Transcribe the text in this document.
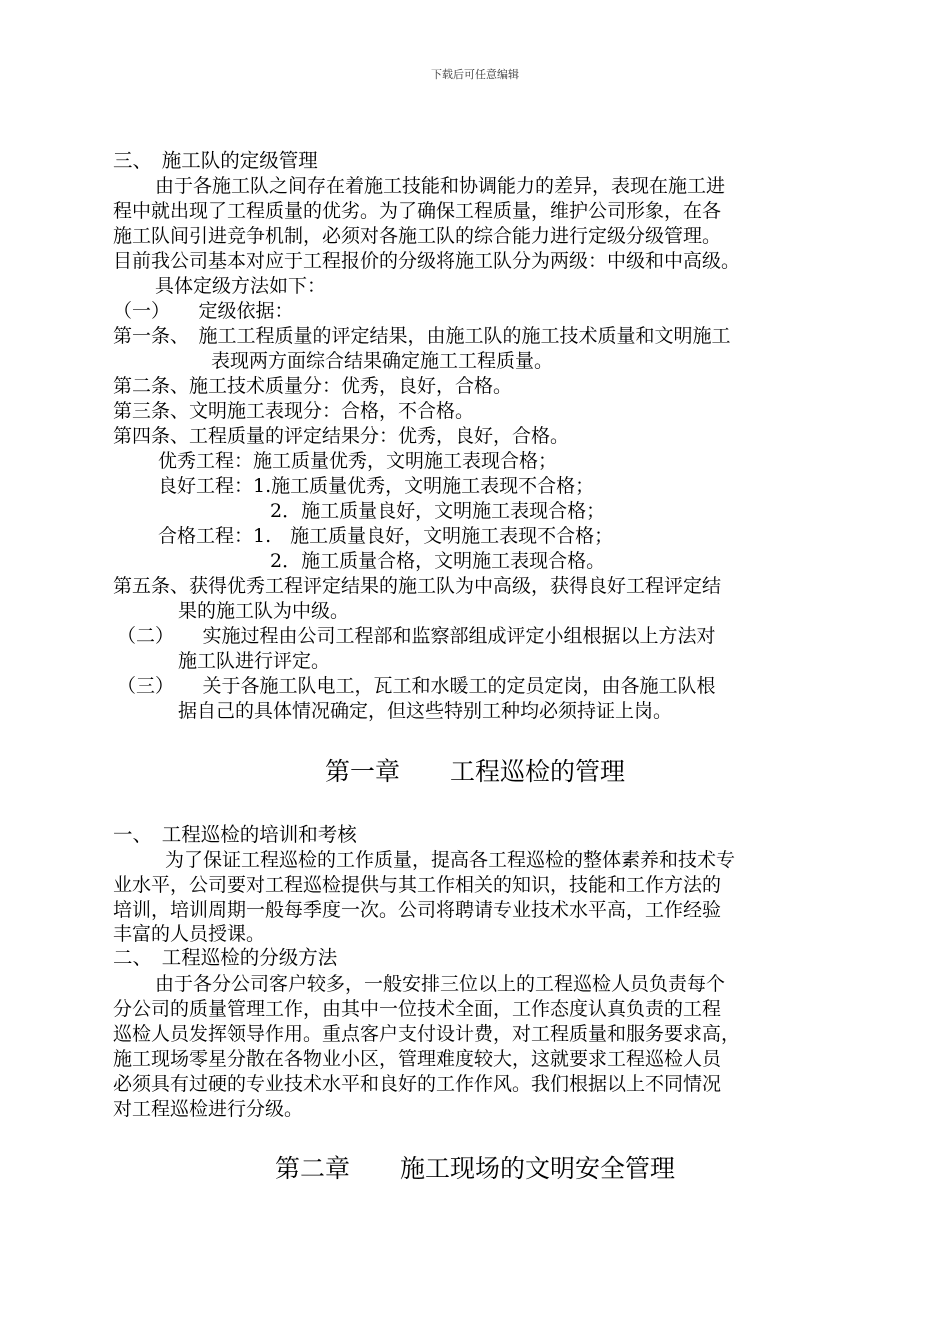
下载后可任意编辑
三、　施工队的定级管理
由于各施工队之间存在着施工技能和协调能力的差异，表现在施工进
程中就出现了工程质量的优劣。为了确保工程质量，维护公司形象，在各
施工队间引进竞争机制，必须对各施工队的综合能力进行定级分级管理。
目前我公司基本对应于工程报价的分级将施工队分为两级：中级和中高级。
具体定级方法如下：
（一）　　定级依据：
第一条、　施工工程质量的评定结果，由施工队的施工技术质量和文明施工
表现两方面综合结果确定施工工程质量。
第二条、施工技术质量分：优秀，良好，合格。
第三条、文明施工表现分：合格，不合格。
第四条、工程质量的评定结果分：优秀，良好，合格。
优秀工程：施工质量优秀，文明施工表现合格；
良好工程：1.施工质量优秀，文明施工表现不合格；
2．施工质量良好，文明施工表现合格；
合格工程：1.　施工质量良好，文明施工表现不合格；
2．施工质量合格，文明施工表现合格。
第五条、获得优秀工程评定结果的施工队为中高级，获得良好工程评定结
果的施工队为中级。
（二）　　实施过程由公司工程部和监察部组成评定小组根据以上方法对
施工队进行评定。
（三）　　关于各施工队电工，瓦工和水暖工的定员定岗，由各施工队根
据自己的具体情况确定，但这些特别工种均必须持证上岗。
第一章　　工程巡检的管理
一、　工程巡检的培训和考核
为了保证工程巡检的工作质量，提高各工程巡检的整体素养和技术专
业水平，公司要对工程巡检提供与其工作相关的知识，技能和工作方法的
培训，培训周期一般每季度一次。公司将聘请专业技术水平高，工作经验
丰富的人员授课。
二、　工程巡检的分级方法
由于各分公司客户较多，一般安排三位以上的工程巡检人员负责每个
分公司的质量管理工作，由其中一位技术全面，工作态度认真负责的工程
巡检人员发挥领导作用。重点客户支付设计费，对工程质量和服务要求高，
施工现场零星分散在各物业小区，管理难度较大，这就要求工程巡检人员
必须具有过硬的专业技术水平和良好的工作作风。我们根据以上不同情况
对工程巡检进行分级。
第二章　　施工现场的文明安全管理
